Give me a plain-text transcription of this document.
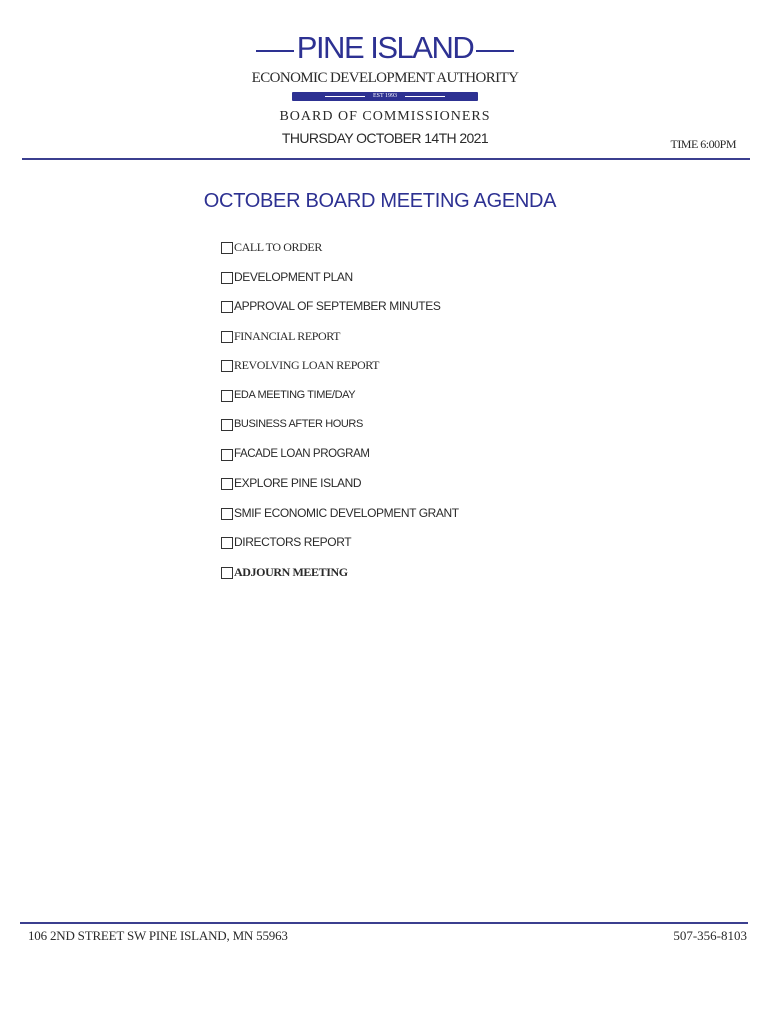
PINE ISLAND
ECONOMIC DEVELOPMENT AUTHORITY
EST 1993
BOARD OF COMMISSIONERS
THURSDAY OCTOBER 14TH 2021	TIME 6:00PM
OCTOBER BOARD MEETING AGENDA
CALL TO ORDER
DEVELOPMENT PLAN
APPROVAL OF SEPTEMBER MINUTES
FINANCIAL REPORT
REVOLVING LOAN REPORT
EDA MEETING TIME/DAY
BUSINESS AFTER HOURS
FACADE LOAN PROGRAM
EXPLORE PINE ISLAND
SMIF ECONOMIC DEVELOPMENT GRANT
DIRECTORS REPORT
ADJOURN MEETING
106 2ND STREET SW PINE ISLAND, MN 55963	507-356-8103
